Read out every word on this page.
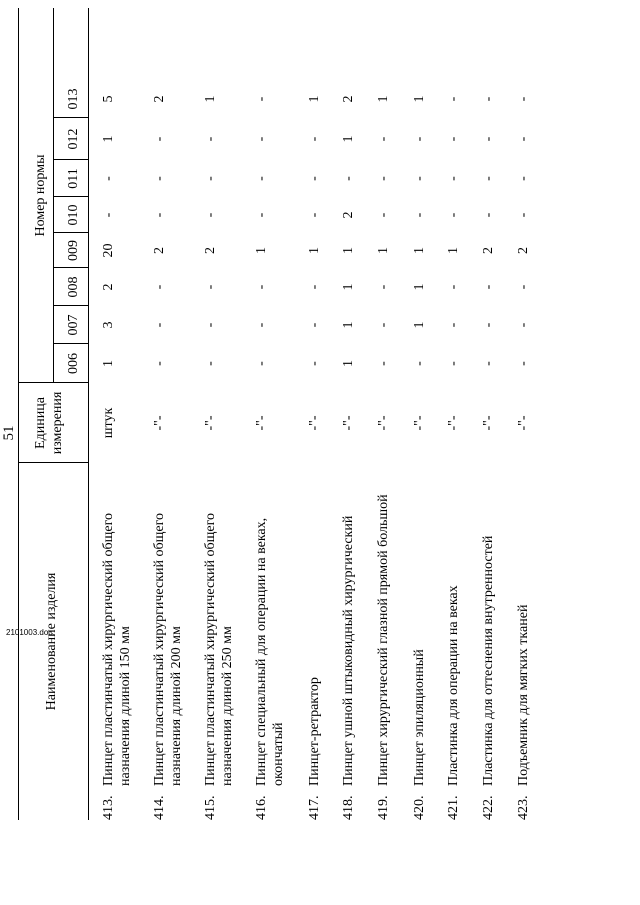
51
Наименование изделия
Единица измерения
Номер нормы
006
007
008
009
010
011
012
013
413.
Пинцет пластинчатый хирургический общего назначения длиной 150 мм
штук
1
3
2
20
-
-
1
5
414.
Пинцет пластинчатый хирургический общего назначения длиной 200 мм
-"-
-
-
-
2
-
-
-
2
415.
Пинцет пластинчатый хирургический общего назначения длиной 250 мм
-"-
-
-
-
2
-
-
-
1
416.
Пинцет специальный для операции на веках, окончатый
-"-
-
-
-
1
-
-
-
-
417.
Пинцет-ретрактор
-"-
-
-
-
1
-
-
-
1
418.
Пинцет ушной штыковидный хирургический
-"-
1
1
1
1
2
-
1
2
419.
Пинцет хирургический глазной прямой большой
-"-
-
-
-
1
-
-
-
1
420.
Пинцет эпиляционный
-"-
-
1
1
1
-
-
-
1
421.
Пластинка для операции на веках
-"-
-
-
-
1
-
-
-
-
422.
Пластинка для оттеснения внутренностей
-"-
-
-
-
2
-
-
-
-
423.
Подъемник для мягких тканей
-"-
-
-
-
2
-
-
-
-
2101003.doc
